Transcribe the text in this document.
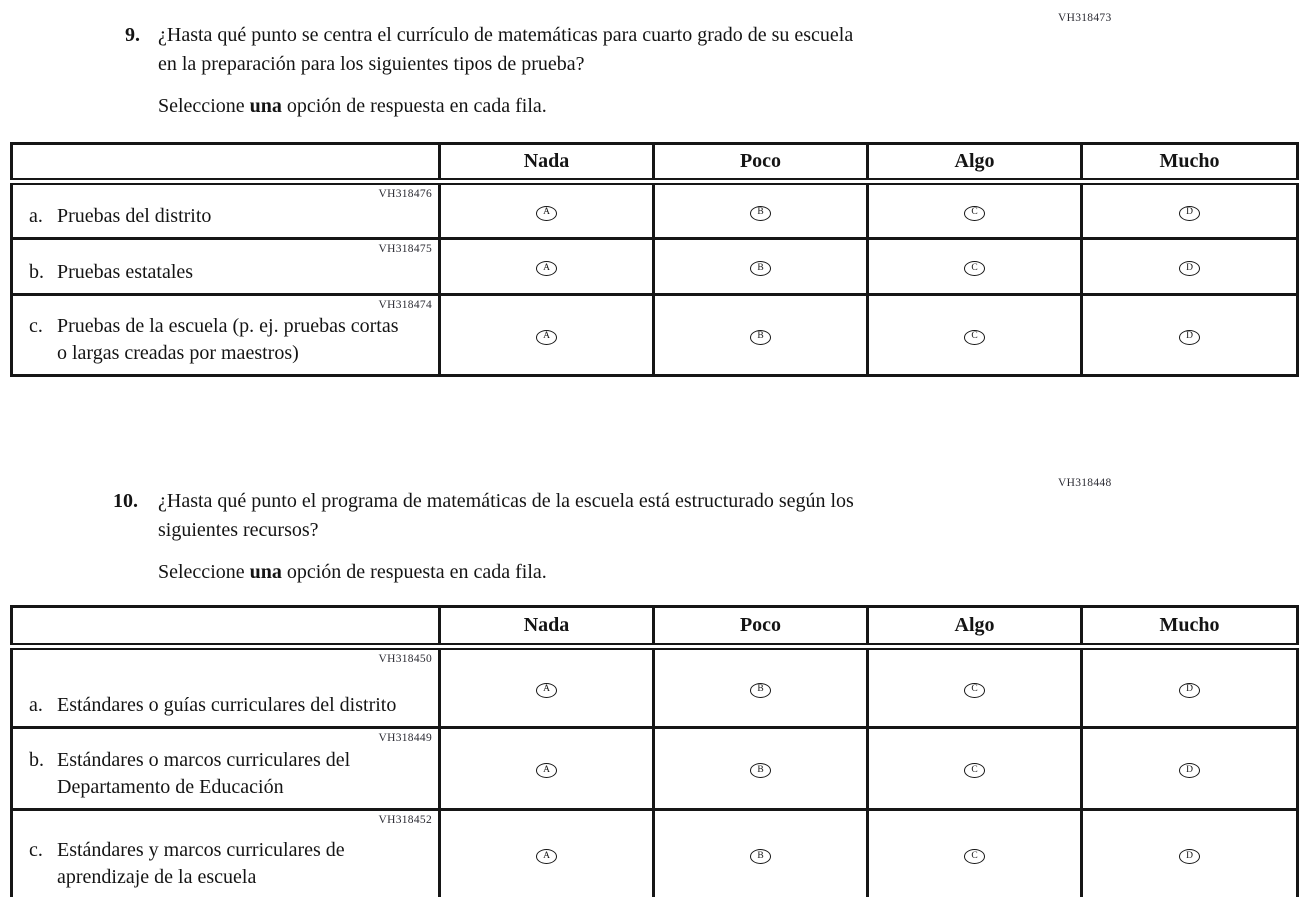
VH318473
9. ¿Hasta qué punto se centra el currículo de matemáticas para cuarto grado de su escuela
en la preparación para los siguientes tipos de prueba?
Seleccione una opción de respuesta en cada fila.
	Nada	Poco	Algo	Mucho

VH318476
a. Pruebas del distrito	A	B	C	D

VH318475
b. Pruebas estatales	A	B	C	D

VH318474
c. Pruebas de la escuela (p. ej. pruebas cortas o largas creadas por maestros)	A	B	C	D
VH318448
10.	¿Hasta qué punto el programa de matemáticas de la escuela está estructurado según los
siguientes recursos?
Seleccione una opción de respuesta en cada fila.
	Nada	Poco	Algo	Mucho

VH318450
a. Estándares o guías curriculares del distrito	A	B	C	D

VH318449
b. Estándares o marcos curriculares del Departamento de Educación	A	B	C	D

VH318452
c. Estándares y marcos curriculares de aprendizaje de la escuela	A	B	C	D
